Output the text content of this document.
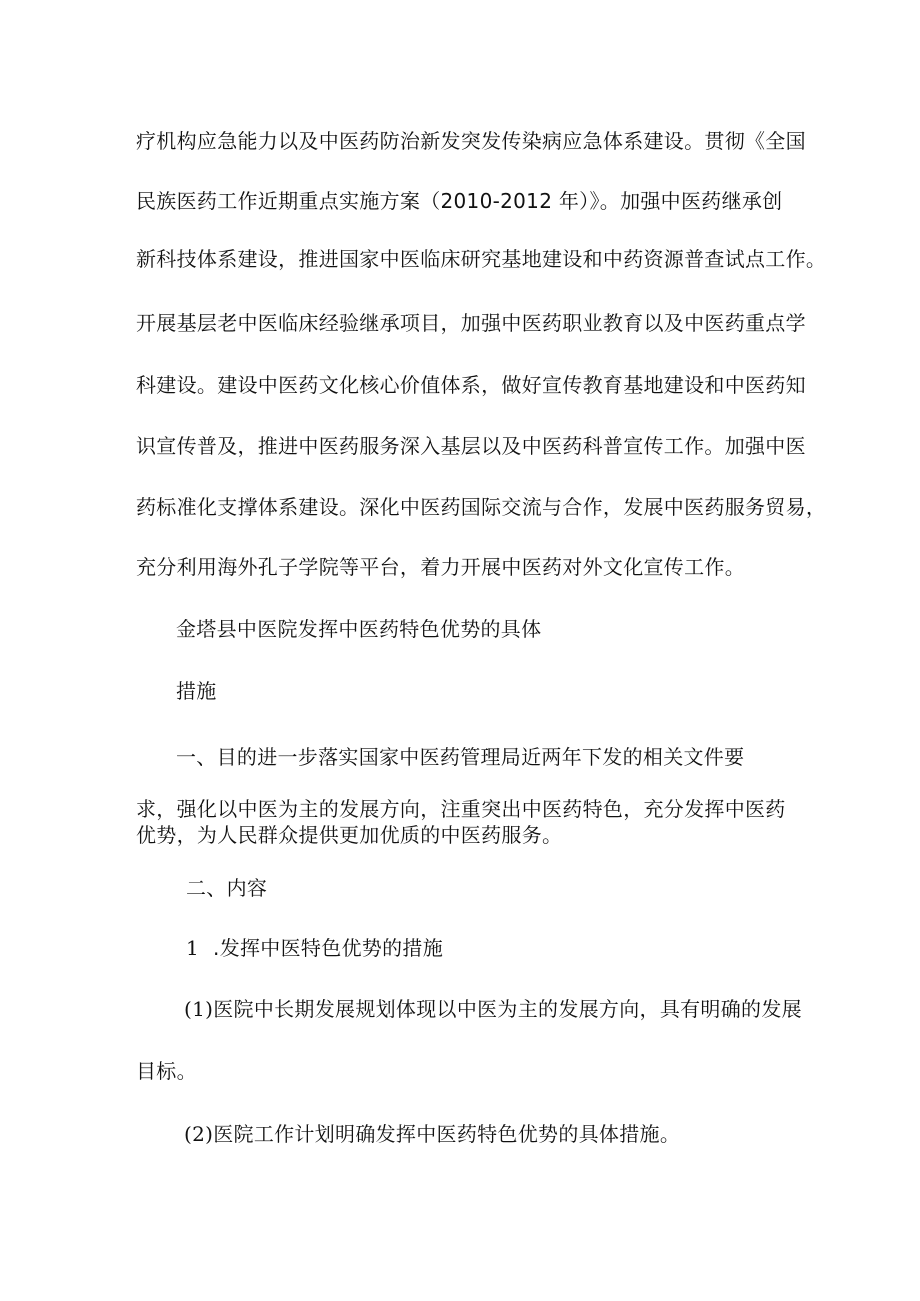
疗机构应急能力以及中医药防治新发突发传染病应急体系建设。贯彻《全国
民族医药工作近期重点实施方案（2010-2012 年）》。加强中医药继承创
新科技体系建设，推进国家中医临床研究基地建设和中药资源普查试点工作。
开展基层老中医临床经验继承项目，加强中医药职业教育以及中医药重点学
科建设。建设中医药文化核心价值体系，做好宣传教育基地建设和中医药知
识宣传普及，推进中医药服务深入基层以及中医药科普宣传工作。加强中医
药标准化支撑体系建设。深化中医药国际交流与合作，发展中医药服务贸易，
充分利用海外孔子学院等平台，着力开展中医药对外文化宣传工作。
金塔县中医院发挥中医药特色优势的具体
措施
一、目的进一步落实国家中医药管理局近两年下发的相关文件要
求，强化以中医为主的发展方向，注重突出中医药特色，充分发挥中医药
优势，为人民群众提供更加优质的中医药服务。
二、内容
1 .发挥中医特色优势的措施
(1)医院中长期发展规划体现以中医为主的发展方向，具有明确的发展
目标。
(2)医院工作计划明确发挥中医药特色优势的具体措施。
